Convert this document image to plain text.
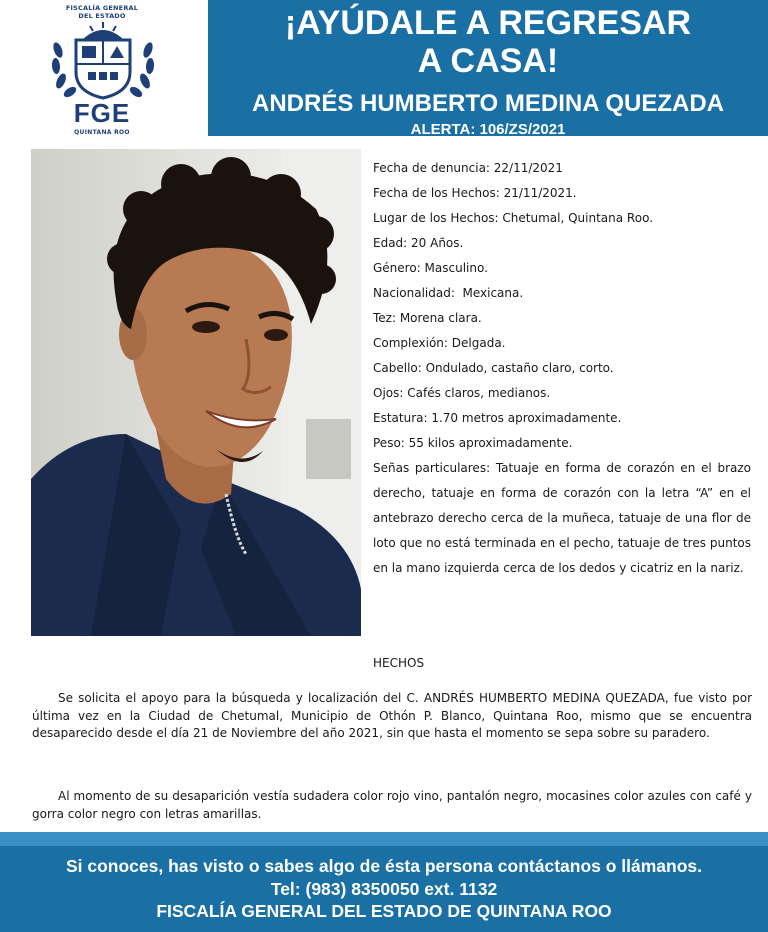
FISCALÍA GENERAL
DEL ESTADO
FGE
QUINTANA ROO
¡AYÚDALE A REGRESAR
A CASA!
ANDRÉS HUMBERTO MEDINA QUEZADA
ALERTA: 106/ZS/2021
Fecha de denuncia: 22/11/2021
Fecha de los Hechos: 21/11/2021.
Lugar de los Hechos: Chetumal, Quintana Roo.
Edad: 20 Años.
Género: Masculino.
Nacionalidad:  Mexicana.
Tez: Morena clara.
Complexión: Delgada.
Cabello: Ondulado, castaño claro, corto.
Ojos: Cafés claros, medianos.
Estatura: 1.70 metros aproximadamente.
Peso: 55 kilos aproximadamente.
Señas particulares: Tatuaje en forma de corazón en el brazo derecho, tatuaje en forma de corazón con la letra “A” en el antebrazo derecho cerca de la muñeca, tatuaje de una flor de loto que no está terminada en el pecho, tatuaje de tres puntos en la mano izquierda cerca de los dedos y cicatriz en la nariz.
HECHOS
Se solicita el apoyo para la búsqueda y localización del C. ANDRÉS HUMBERTO MEDINA QUEZADA, fue visto por última vez en la Ciudad de Chetumal, Municipio de Othón P. Blanco, Quintana Roo, mismo que se encuentra desaparecido desde el día 21 de Noviembre del año 2021, sin que hasta el momento se sepa sobre su paradero.
Al momento de su desaparición vestía sudadera color rojo vino, pantalón negro, mocasines color azules con café y gorra color negro con letras amarillas.
Si conoces, has visto o sabes algo de ésta persona contáctanos o llámanos.
Tel: (983) 8350050 ext. 1132
FISCALÍA GENERAL DEL ESTADO DE QUINTANA ROO
